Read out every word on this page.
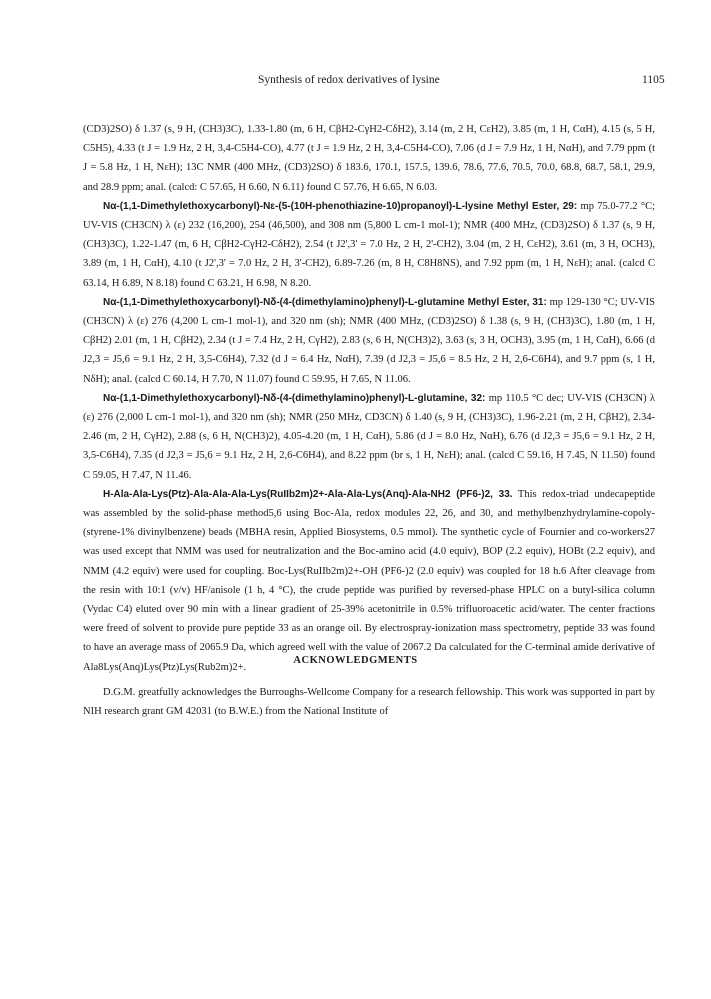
Synthesis of redox derivatives of lysine	1105

(CD3)2SO) δ 1.37 (s, 9 H, (CH3)3C), 1.33-1.80 (m, 6 H, CβH2-CγH2-CδH2), 3.14 (m, 2 H, CεH2), 3.85 (m, 1 H, CαH), 4.15 (s, 5 H, C5H5), 4.33 (t J = 1.9 Hz, 2 H, 3,4-C5H4-CO), 4.77 (t J = 1.9 Hz, 2 H, 3,4-C5H4-CO), 7.06 (d J = 7.9 Hz, 1 H, NαH), and 7.79 ppm (t J = 5.8 Hz, 1 H, NεH); 13C NMR (400 MHz, (CD3)2SO) δ 183.6, 170.1, 157.5, 139.6, 78.6, 77.6, 70.5, 70.0, 68.8, 68.7, 58.1, 29.9, and 28.9 ppm; anal. (calcd: C 57.65, H 6.60, N 6.11) found C 57.76, H 6.65, N 6.03.

Nα-(1,1-Dimethylethoxycarbonyl)-Nε-(5-(10H-phenothiazine-10)propanoyl)-L-lysine Methyl Ester, 29: mp 75.0-77.2 °C; UV-VIS (CH3CN) λ (ε) 232 (16,200), 254 (46,500), and 308 nm (5,800 L cm-1 mol-1); NMR (400 MHz, (CD3)2SO) δ 1.37 (s, 9 H, (CH3)3C), 1.22-1.47 (m, 6 H, CβH2-CγH2-CδH2), 2.54 (t J2',3' = 7.0 Hz, 2 H, 2'-CH2), 3.04 (m, 2 H, CεH2), 3.61 (m, 3 H, OCH3), 3.89 (m, 1 H, CαH), 4.10 (t J2',3' = 7.0 Hz, 2 H, 3'-CH2), 6.89-7.26 (m, 8 H, C8H8NS), and 7.92 ppm (m, 1 H, NεH); anal. (calcd C 63.14, H 6.89, N 8.18) found C 63.21, H 6.98, N 8.20.

Nα-(1,1-Dimethylethoxycarbonyl)-Nδ-(4-(dimethylamino)phenyl)-L-glutamine Methyl Ester, 31: mp 129-130 °C; UV-VIS (CH3CN) λ (ε) 276 (4,200 L cm-1 mol-1), and 320 nm (sh); NMR (400 MHz, (CD3)2SO) δ 1.38 (s, 9 H, (CH3)3C), 1.80 (m, 1 H, CβH2) 2.01 (m, 1 H, CβH2), 2.34 (t J = 7.4 Hz, 2 H, CγH2), 2.83 (s, 6 H, N(CH3)2), 3.63 (s, 3 H, OCH3), 3.95 (m, 1 H, CαH), 6.66 (d J2,3 = J5,6 = 9.1 Hz, 2 H, 3,5-C6H4), 7.32 (d J = 6.4 Hz, NαH), 7.39 (d J2,3 = J5,6 = 8.5 Hz, 2 H, 2,6-C6H4), and 9.7 ppm (s, 1 H, NδH); anal. (calcd C 60.14, H 7.70, N 11.07) found C 59.95, H 7.65, N 11.06.

Nα-(1,1-Dimethylethoxycarbonyl)-Nδ-(4-(dimethylamino)phenyl)-L-glutamine, 32: mp 110.5 °C dec; UV-VIS (CH3CN) λ (ε) 276 (2,000 L cm-1 mol-1), and 320 nm (sh); NMR (250 MHz, CD3CN) δ 1.40 (s, 9 H, (CH3)3C), 1.96-2.21 (m, 2 H, CβH2), 2.34-2.46 (m, 2 H, CγH2), 2.88 (s, 6 H, N(CH3)2), 4.05-4.20 (m, 1 H, CαH), 5.86 (d J = 8.0 Hz, NαH), 6.76 (d J2,3 = J5,6 = 9.1 Hz, 2 H, 3,5-C6H4), 7.35 (d J2,3 = J5,6 = 9.1 Hz, 2 H, 2,6-C6H4), and 8.22 ppm (br s, 1 H, NεH); anal. (calcd C 59.16, H 7.45, N 11.50) found C 59.05, H 7.47, N 11.46.

H-Ala-Ala-Lys(Ptz)-Ala-Ala-Ala-Lys(RuIIb2m)2+-Ala-Ala-Lys(Anq)-Ala-NH2 (PF6-)2, 33. This redox-triad undecapeptide was assembled by the solid-phase method5,6 using Boc-Ala, redox modules 22, 26, and 30, and methylbenzhydrylamine-copoly-(styrene-1% divinylbenzene) beads (MBHA resin, Applied Biosystems, 0.5 mmol). The synthetic cycle of Fournier and co-workers27 was used except that NMM was used for neutralization and the Boc-amino acid (4.0 equiv), BOP (2.2 equiv), HOBt (2.2 equiv), and NMM (4.2 equiv) were used for coupling. Boc-Lys(RuIIb2m)2+-OH (PF6-)2 (2.0 equiv) was coupled for 18 h.6 After cleavage from the resin with 10:1 (v/v) HF/anisole (1 h, 4 °C), the crude peptide was purified by reversed-phase HPLC on a butyl-silica column (Vydac C4) eluted over 90 min with a linear gradient of 25-39% acetonitrile in 0.5% trifluoroacetic acid/water. The center fractions were freed of solvent to provide pure peptide 33 as an orange oil. By electrospray-ionization mass spectrometry, peptide 33 was found to have an average mass of 2065.9 Da, which agreed well with the value of 2067.2 Da calculated for the C-terminal amide derivative of Ala8Lys(Anq)Lys(Ptz)Lys(Rub2m)2+.

ACKNOWLEDGMENTS
D.G.M. greatfully acknowledges the Burroughs-Wellcome Company for a research fellowship. This work was supported in part by NIH research grant GM 42031 (to B.W.E.) from the National Institute of
